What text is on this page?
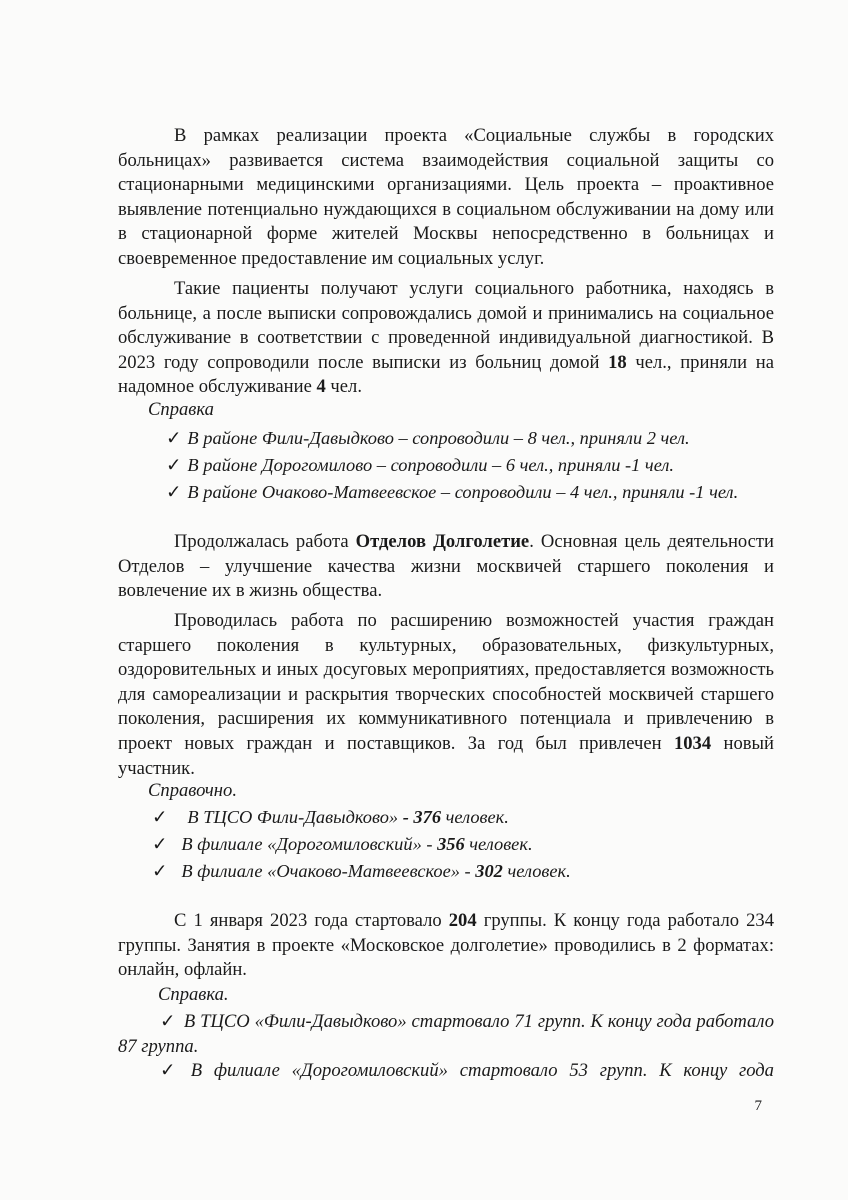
В рамках реализации проекта «Социальные службы в городских больницах» развивается система взаимодействия социальной защиты со стационарными медицинскими организациями. Цель проекта – проактивное выявление потенциально нуждающихся в социальном обслуживании на дому или в стационарной форме жителей Москвы непосредственно в больницах и своевременное предоставление им социальных услуг.

Такие пациенты получают услуги социального работника, находясь в больнице, а после выписки сопровождались домой и принимались на социальное обслуживание в соответствии с проведенной индивидуальной диагностикой. В 2023 году сопроводили после выписки из больниц домой 18 чел., приняли на надомное обслуживание 4 чел.

Справка

✓ В районе Фили-Давыдково – сопроводили – 8 чел., приняли 2 чел.

✓ В районе Дорогомилово – сопроводили – 6 чел., приняли -1 чел.

✓ В районе Очаково-Матвеевское – сопроводили – 4 чел., приняли -1 чел.

Продолжалась работа Отделов Долголетие. Основная цель деятельности Отделов – улучшение качества жизни москвичей старшего поколения и вовлечение их в жизнь общества.

Проводилась работа по расширению возможностей участия граждан старшего поколения в культурных, образовательных, физкультурных, оздоровительных и иных досуговых мероприятиях, предоставляется возможность для самореализации и раскрытия творческих способностей москвичей старшего поколения, расширения их коммуникативного потенциала и привлечению в проект новых граждан и поставщиков. За год был привлечен 1034 новый участник.

Справочно.

✓ В ТЦСО Фили-Давыдково» - 376 человек.

✓ В филиале «Дорогомиловский» - 356 человек.

✓ В филиале «Очаково-Матвеевское» - 302 человек.

С 1 января 2023 года стартовало 204 группы. К концу года работало 234 группы. Занятия в проекте «Московское долголетие» проводились в 2 форматах: онлайн, офлайн.

Справка.

✓ В ТЦСО «Фили-Давыдково» стартовало 71 групп. К концу года работало 87 группа.

✓ В филиале «Дорогомиловский» стартовало 53 групп. К концу года

7
